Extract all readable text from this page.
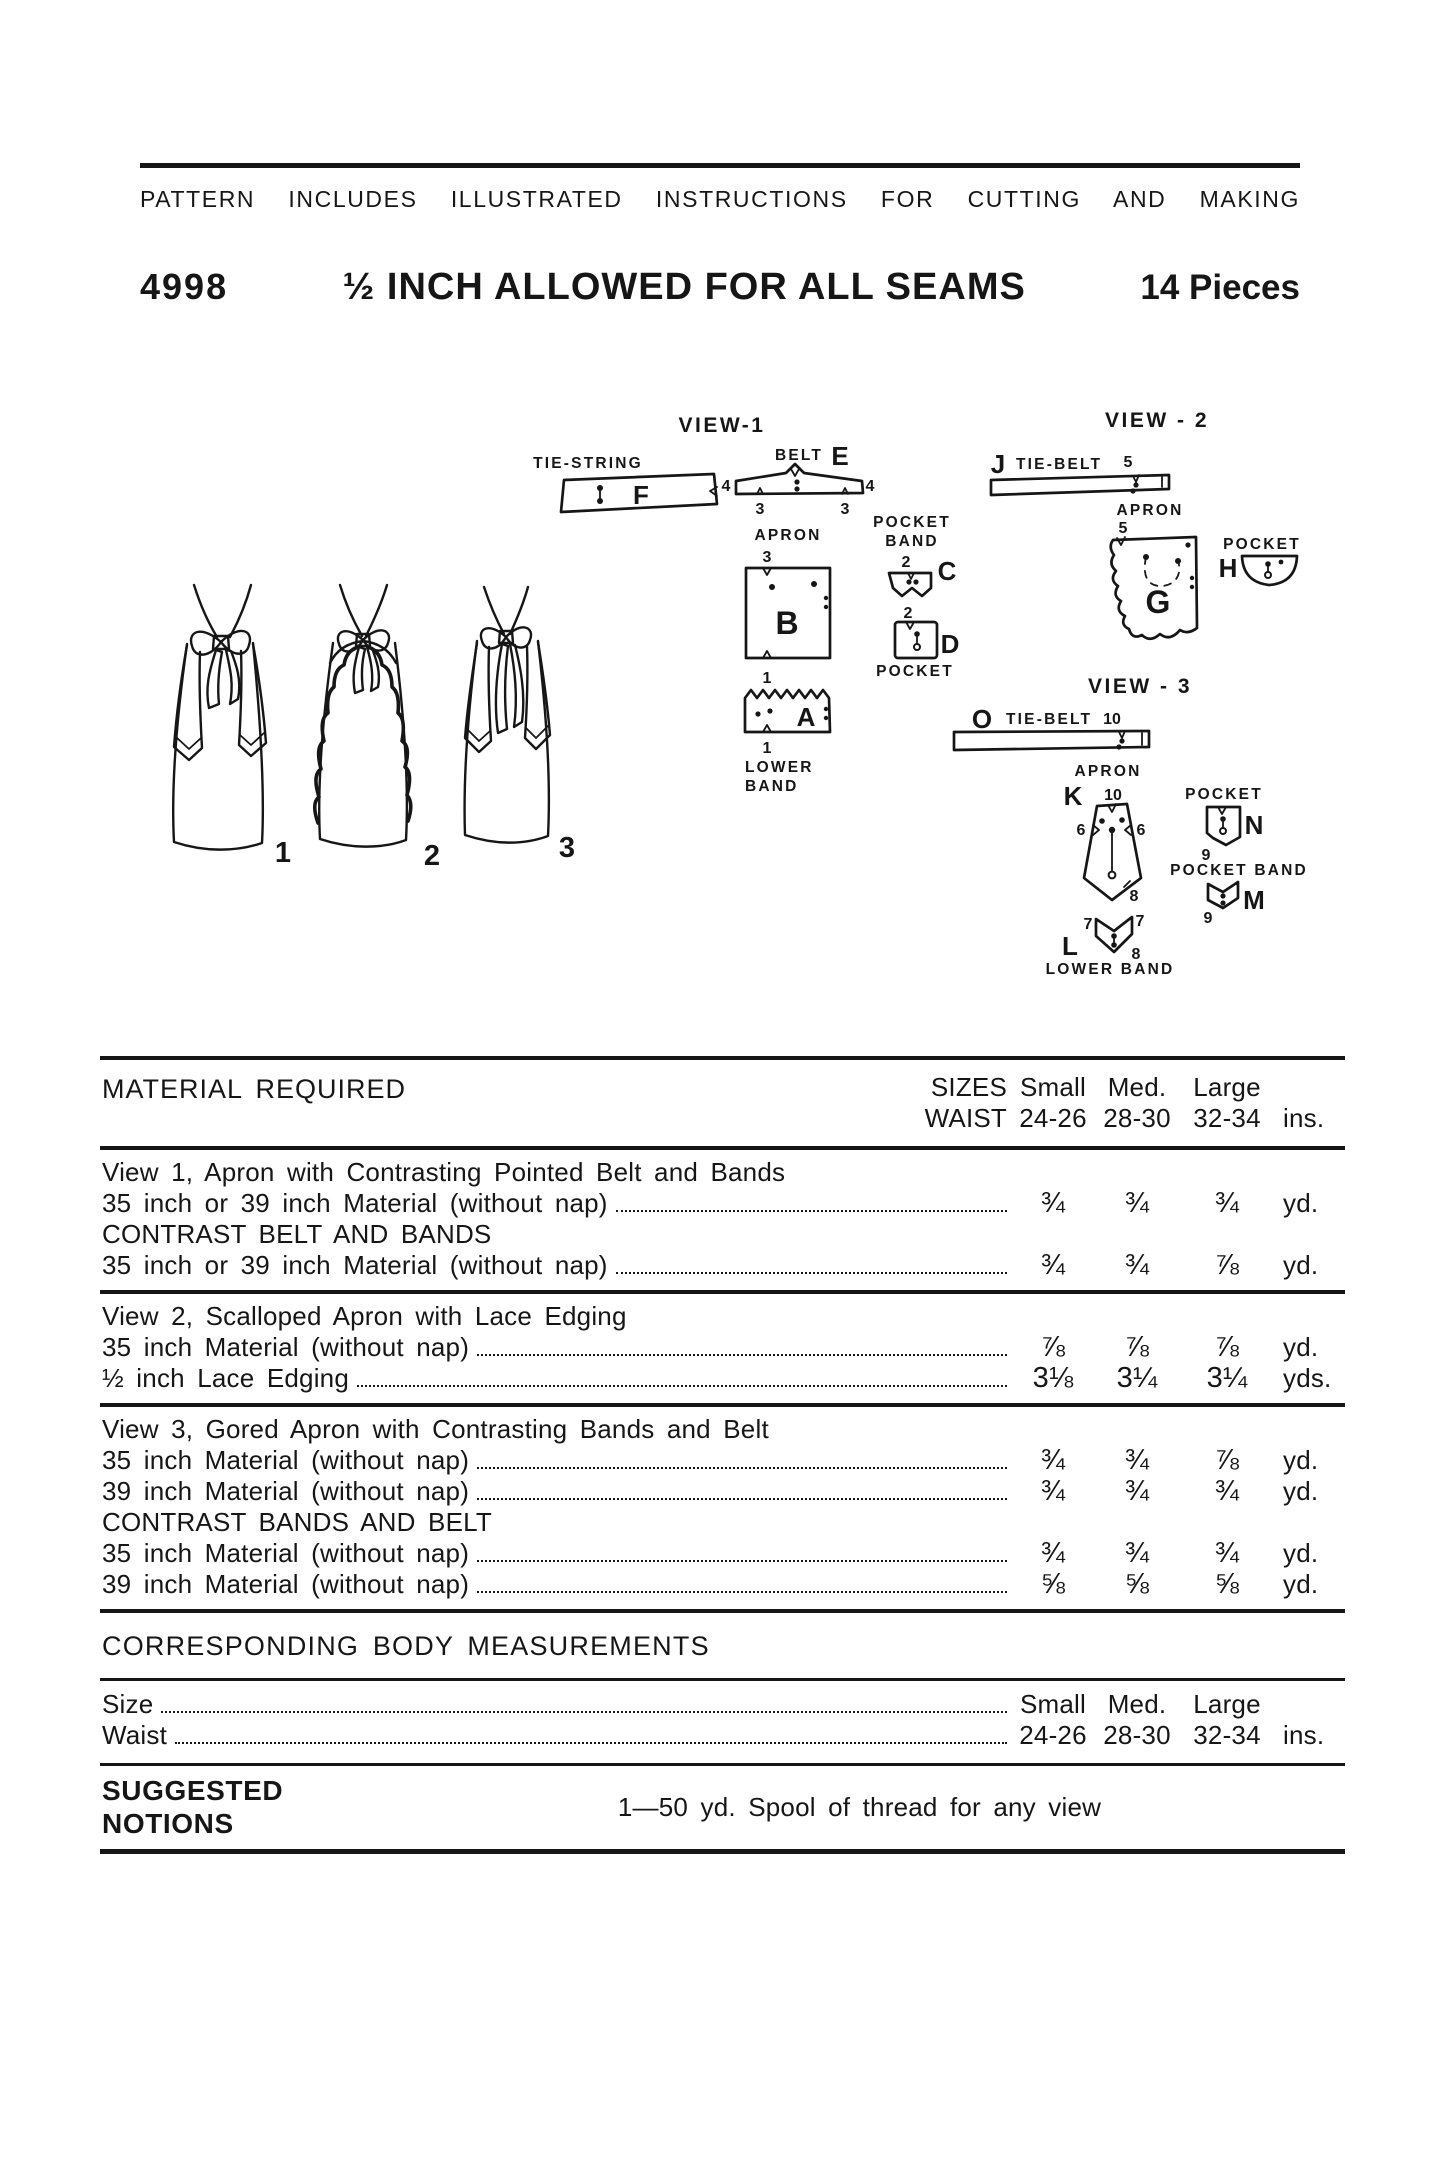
PATTERN INCLUDES ILLUSTRATED INSTRUCTIONS FOR CUTTING AND MAKING
4998	½ INCH ALLOWED FOR ALL SEAMS	14 Pieces
1	2	3
VIEW-1
TIE-STRING
F	4
BELT E
4
3	3
APRON
3
B
1
POCKET
BAND
2 C
2
D
POCKET
A
1
LOWER
BAND
VIEW - 2
J TIE-BELT 5
APRON
5
G
POCKET
H
VIEW - 3
O TIE-BELT 10
APRON
K 10
6	6
8
POCKET
N
9
POCKET BAND
M
9
7	7
8
L
LOWER BAND
MATERIAL REQUIRED	SIZES Small Med.	Large
WAIST 24-26 28-30 32-34 ins.
View 1, Apron with Contrasting Pointed Belt and Bands
35 inch or 39 inch Material (without nap)	¾	¾	¾	yd.
CONTRAST BELT AND BANDS
35 inch or 39 inch Material (without nap)	¾	¾	⅞	yd.
View 2, Scalloped Apron with Lace Edging
35 inch Material (without nap)	⅞	⅞	⅞	yd.
½ inch Lace Edging	3⅛	3¼	3¼	yds.
View 3, Gored Apron with Contrasting Bands and Belt
35 inch Material (without nap)	¾	¾	⅞	yd.
39 inch Material (without nap)	¾	¾	¾	yd.
CONTRAST BANDS AND BELT
35 inch Material (without nap)	¾	¾	¾	yd.
39 inch Material (without nap)	⅝	⅝	⅝	yd.
CORRESPONDING BODY MEASUREMENTS
Size	Small Med.	Large
Waist	24-26 28-30 32-34 ins.
SUGGESTED
NOTIONS
1—50 yd. Spool of thread for any view
